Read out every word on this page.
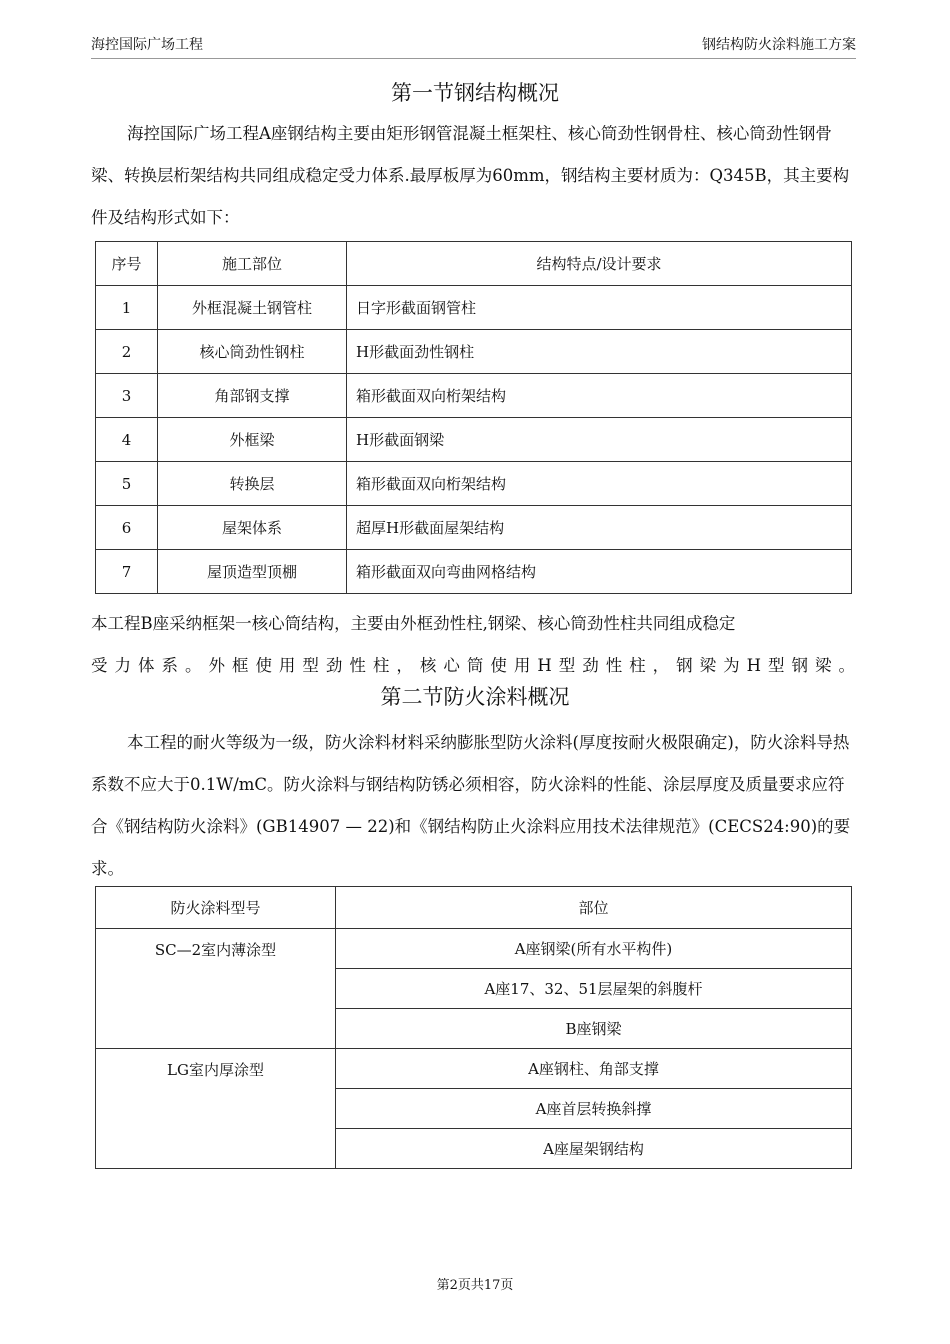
海控国际广场工程	钢结构防火涂料施工方案
第一节钢结构概况
海控国际广场工程A座钢结构主要由矩形钢管混凝土框架柱、核心筒劲性钢骨柱、核心筒劲性钢骨梁、转换层桁架结构共同组成稳定受力体系.最厚板厚为60mm，钢结构主要材质为：Q345B，其主要构件及结构形式如下：
序号	施工部位	结构特点/设计要求
1	外框混凝土钢管柱	日字形截面钢管柱
2	核心筒劲性钢柱	H形截面劲性钢柱
3	角部钢支撑	箱形截面双向桁架结构
4	外框梁	H形截面钢梁
5	转换层	箱形截面双向桁架结构
6	屋架体系	超厚H形截面屋架结构
7	屋顶造型顶棚	箱形截面双向弯曲网格结构
本工程B座采纳框架一核心筒结构，主要由外框劲性柱,钢梁、核心筒劲性柱共同组成稳定
受力体系。外框使用型劲性柱，核心筒使用H型劲性柱，钢梁为H型钢梁。
第二节防火涂料概况
本工程的耐火等级为一级，防火涂料材料采纳膨胀型防火涂料(厚度按耐火极限确定)，防火涂料导热系数不应大于0.1W/mC。防火涂料与钢结构防锈必须相容，防火涂料的性能、涂层厚度及质量要求应符合《钢结构防火涂料》(GB14907 — 22)和《钢结构防止火涂料应用技术法律规范》(CECS24:90)的要求。
防火涂料型号	部位
SC—2室内薄涂型	A座钢梁(所有水平构件)
	A座17、32、51层屋架的斜腹杆
	B座钢梁
LG室内厚涂型	A座钢柱、角部支撑
	A座首层转换斜撑
	A座屋架钢结构
第2页共17页
